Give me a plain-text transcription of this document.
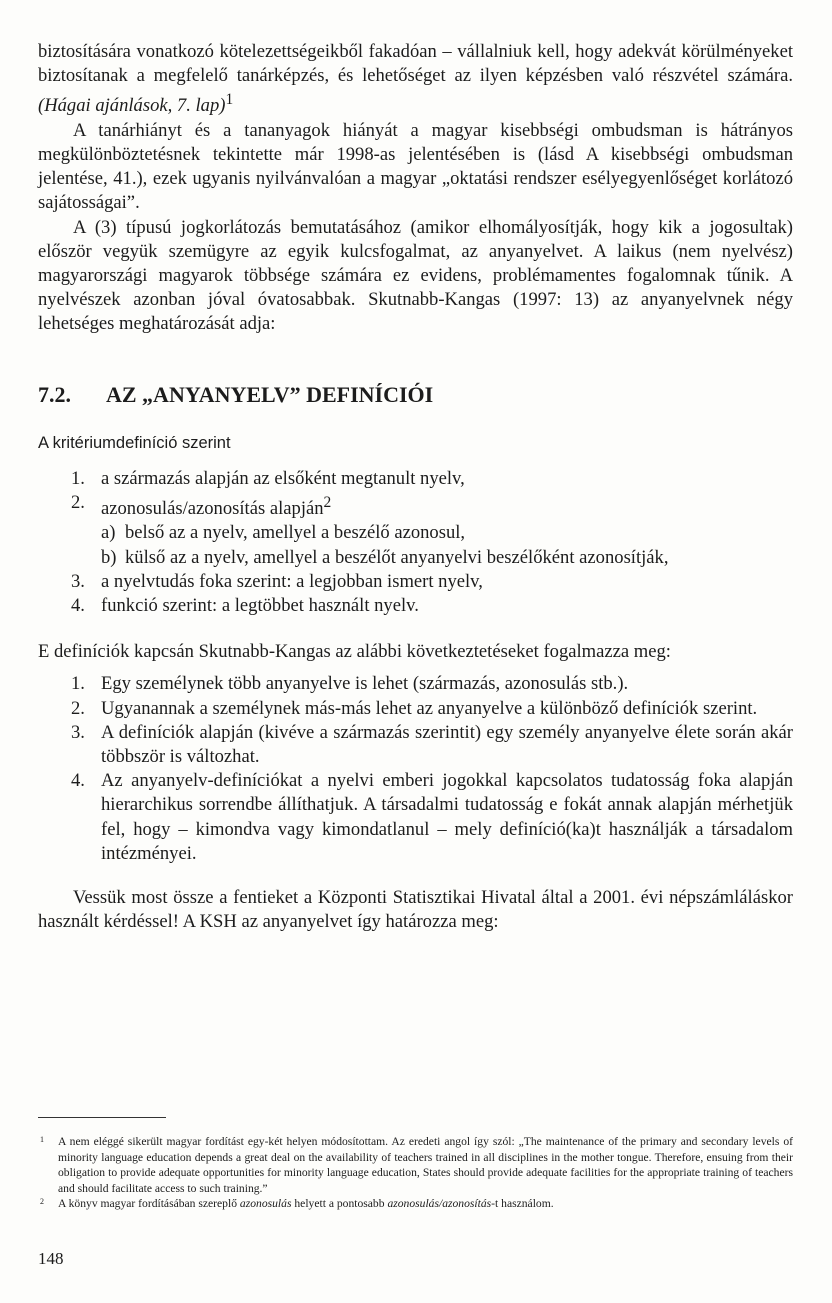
biztosítására vonatkozó kötelezettségeikből fakadóan – vállalniuk kell, hogy adekvát körülményeket biztosítanak a megfelelő tanárképzés, és lehetőséget az ilyen képzésben való részvétel számára. (Hágai ajánlások, 7. lap)$^1$

A tanárhiányt és a tananyagok hiányát a magyar kisebbségi ombudsman is hátrányos megkülönböztetésnek tekintette már 1998-as jelentésében is (lásd A kisebbségi ombudsman jelentése, 41.), ezek ugyanis nyilvánvalóan a magyar „oktatási rendszer esélyegyenlőséget korlátozó sajátosságai”.

A (3) típusú jogkorlátozás bemutatásához (amikor elhomályosítják, hogy kik a jogosultak) először vegyük szemügyre az egyik kulcsfogalmat, az anyanyelvet. A laikus (nem nyelvész) magyarországi magyarok többsége számára ez evidens, problémamentes fogalomnak tűnik. A nyelvészek azonban jóval óvatosabbak. Skutnabb-Kangas (1997: 13) az anyanyelvnek négy lehetséges meghatározását adja:

7.2. AZ „ANYANYELV” DEFINÍCIÓI

A kritériumdefiníció szerint

1. a származás alapján az elsőként megtanult nyelv,
2. azonosulás/azonosítás alapján$^2$
a) belső az a nyelv, amellyel a beszélő azonosul,
b) külső az a nyelv, amellyel a beszélőt anyanyelvi beszélőként azonosítják,
3. a nyelvtudás foka szerint: a legjobban ismert nyelv,
4. funkció szerint: a legtöbbet használt nyelv.

E definíciók kapcsán Skutnabb-Kangas az alábbi következtetéseket fogalmazza meg:

1. Egy személynek több anyanyelve is lehet (származás, azonosulás stb.).
2. Ugyanannak a személynek más-más lehet az anyanyelve a különböző definíciók szerint.
3. A definíciók alapján (kivéve a származás szerintit) egy személy anyanyelve élete során akár többször is változhat.
4. Az anyanyelv-definíciókat a nyelvi emberi jogokkal kapcsolatos tudatosság foka alapján hierarchikus sorrendbe állíthatjuk. A társadalmi tudatosság e fokát annak alapján mérhetjük fel, hogy – kimondva vagy kimondatlanul – mely definíció(ka)t használják a társadalom intézményei.

Vessük most össze a fentieket a Központi Statisztikai Hivatal által a 2001. évi népszámláláskor használt kérdéssel! A KSH az anyanyelvet így határozza meg:

1 A nem eléggé sikerült magyar fordítást egy-két helyen módosítottam. Az eredeti angol így szól: „The maintenance of the primary and secondary levels of minority language education depends a great deal on the availability of teachers trained in all disciplines in the mother tongue. Therefore, ensuing from their obligation to provide adequate opportunities for minority language education, States should provide adequate facilities for the appropriate training of teachers and should facilitate access to such training.”

2 A könyv magyar fordításában szereplő azonosulás helyett a pontosabb azonosulás/azonosítás-t használom.

148
